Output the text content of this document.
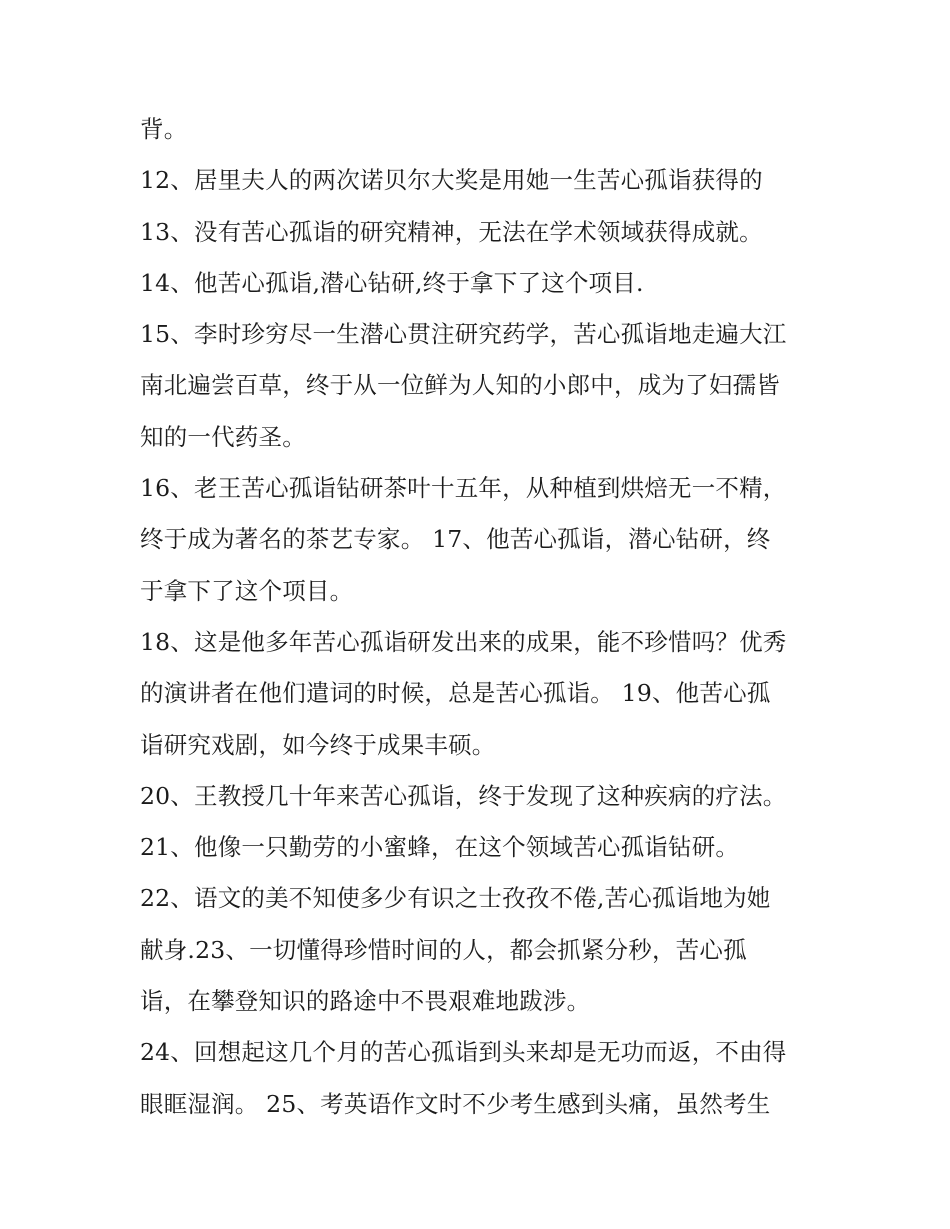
背。
12、居里夫人的两次诺贝尔大奖是用她一生苦心孤诣获得的
13、没有苦心孤诣的研究精神，无法在学术领域获得成就。
14、他苦心孤诣,潜心钻研,终于拿下了这个项目.
15、李时珍穷尽一生潜心贯注研究药学，苦心孤诣地走遍大江
南北遍尝百草，终于从一位鲜为人知的小郎中，成为了妇孺皆
知的一代药圣。
16、老王苦心孤诣钻研茶叶十五年，从种植到烘焙无一不精，
终于成为著名的茶艺专家。 17、他苦心孤诣，潜心钻研，终
于拿下了这个项目。
18、这是他多年苦心孤诣研发出来的成果，能不珍惜吗？优秀
的演讲者在他们遣词的时候，总是苦心孤诣。 19、他苦心孤
诣研究戏剧，如今终于成果丰硕。
20、王教授几十年来苦心孤诣，终于发现了这种疾病的疗法。
21、他像一只勤劳的小蜜蜂，在这个领域苦心孤诣钻研。
22、语文的美不知使多少有识之士孜孜不倦,苦心孤诣地为她
献身.23、一切懂得珍惜时间的人，都会抓紧分秒，苦心孤
诣，在攀登知识的路途中不畏艰难地跋涉。
24、回想起这几个月的苦心孤诣到头来却是无功而返，不由得
眼眶湿润。 25、考英语作文时不少考生感到头痛，虽然考生
